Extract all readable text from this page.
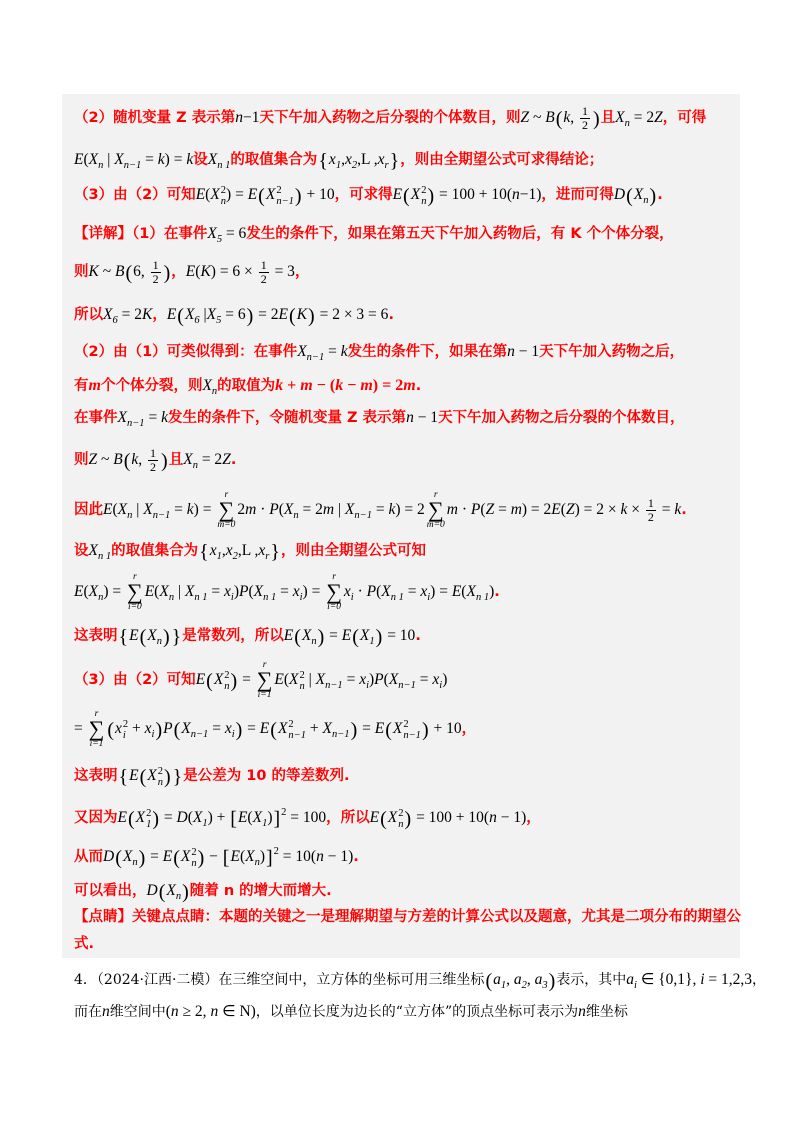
（2）随机变量 Z 表示第n−1天下午加入药物之后分裂的个体数目，则Z ~ B(k, $\frac{1}{2}$ )且$X_n = 2Z$，可得
$E(X_n$ | $X_{n-1} = k) = k$设$X_{n 1}$的取值集合为{$x_1,x_2,L$ $,x_r$}，则由全期望公式可求得结论；
（3）由（2）可知E(X 2
n ) = E(X 2
n−1 ) + 10，可求得E(X 2
n ) = 100 + 10(n−1)，进而可得$D(X_n)$.
【详解】（1）在事件$X_5 = 6$发生的条件下，如果在第五天下午加入药物后，有 K 个个体分裂，
则K ~ B(6, $\frac{1}{2}$ )，$E(K) = 6 \times \frac{1}{2} = 3$，
所以$X_6 = 2K$，$E(X_6$ $|X_5 = 6) = 2E(K) = 2 \times 3 = 6$.
（2）由（1）可类似得到：在事件$X_{n-1} = k$发生的条件下，如果在第n − 1天下午加入药物之后，
有m个个体分裂，则$X_n$的取值为k + m − (k − m) = 2m.
在事件$X_{n-1} = k$发生的条件下，令随机变量 Z 表示第n − 1天下午加入药物之后分裂的个体数目，
则Z ~ B(k, $\frac{1}{2}$ )且$X_n = 2Z$.
因此$E(X_n$ | $X_{n-1} = k$) =
r
∑
m=0
$2m \cdot P(X_n = 2m$ | $X_{n-1} = k) = 2$
r
∑
m=0
$m \cdot P(Z = m) = 2E(Z) = 2 \times k \times \frac{1}{2} = k$.
设$X_{n 1}$的取值集合为{$x_1,x_2,L$ $,x_r$}，则由全期望公式可知
$E(X_n)$ =
r
∑
i=0
$E(X_n$ | $X_{n 1} = x_i)P(X_{n 1} = x_i)$ =
r
∑
i=0
$x_i \cdot P(X_{n 1} = x_i) = E(X_{n 1})$.
这表明{$E(X_n)$ }是常数列，所以$E(X_n) = E(X_1) = 10$.
（3）由（2）可知E(X 2
n ) =
r
∑
i=1
E(X 2
n | $X_{n-1} = x_i)P(X_{n-1} = x_i)$
=
r
∑
i=1
(x 2
$i + x_i)P(X_{n-1} = x_i) = E(X$ 2
$n-1 + X_{n-1}) = E(X$ 2
n−1 ) + 10，
这表明{E(X 2
n ) }是公差为 10 的等差数列.
又因为E(X 2
1 ) = $D(X_1) + [E(X_1)]^2 = 100$，所以E(X 2
n ) = 100 + 10(n − 1)，
从而$D(X_n) = E(X$ 2
n ) − $[E(X_n)]^2 = 10(n - 1)$.
可以看出，$D(X_n)$随着 n 的增大而增大.
【点睛】关键点点睛：本题的关键之一是理解期望与方差的计算公式以及题意，尤其是二项分布的期望公
式.
4．（2024·江西·二模）在三维空间中，立方体的坐标可用三维坐标($a_1$, $a_2$, $a_3$)表示，其中$a_i$ ∈ {0,1}, i = 1,2,3，
而在n维空间中(n ≥ 2, n ∈ N)，以单位长度为边长的“立方体”的顶点坐标可表示为n维坐标
